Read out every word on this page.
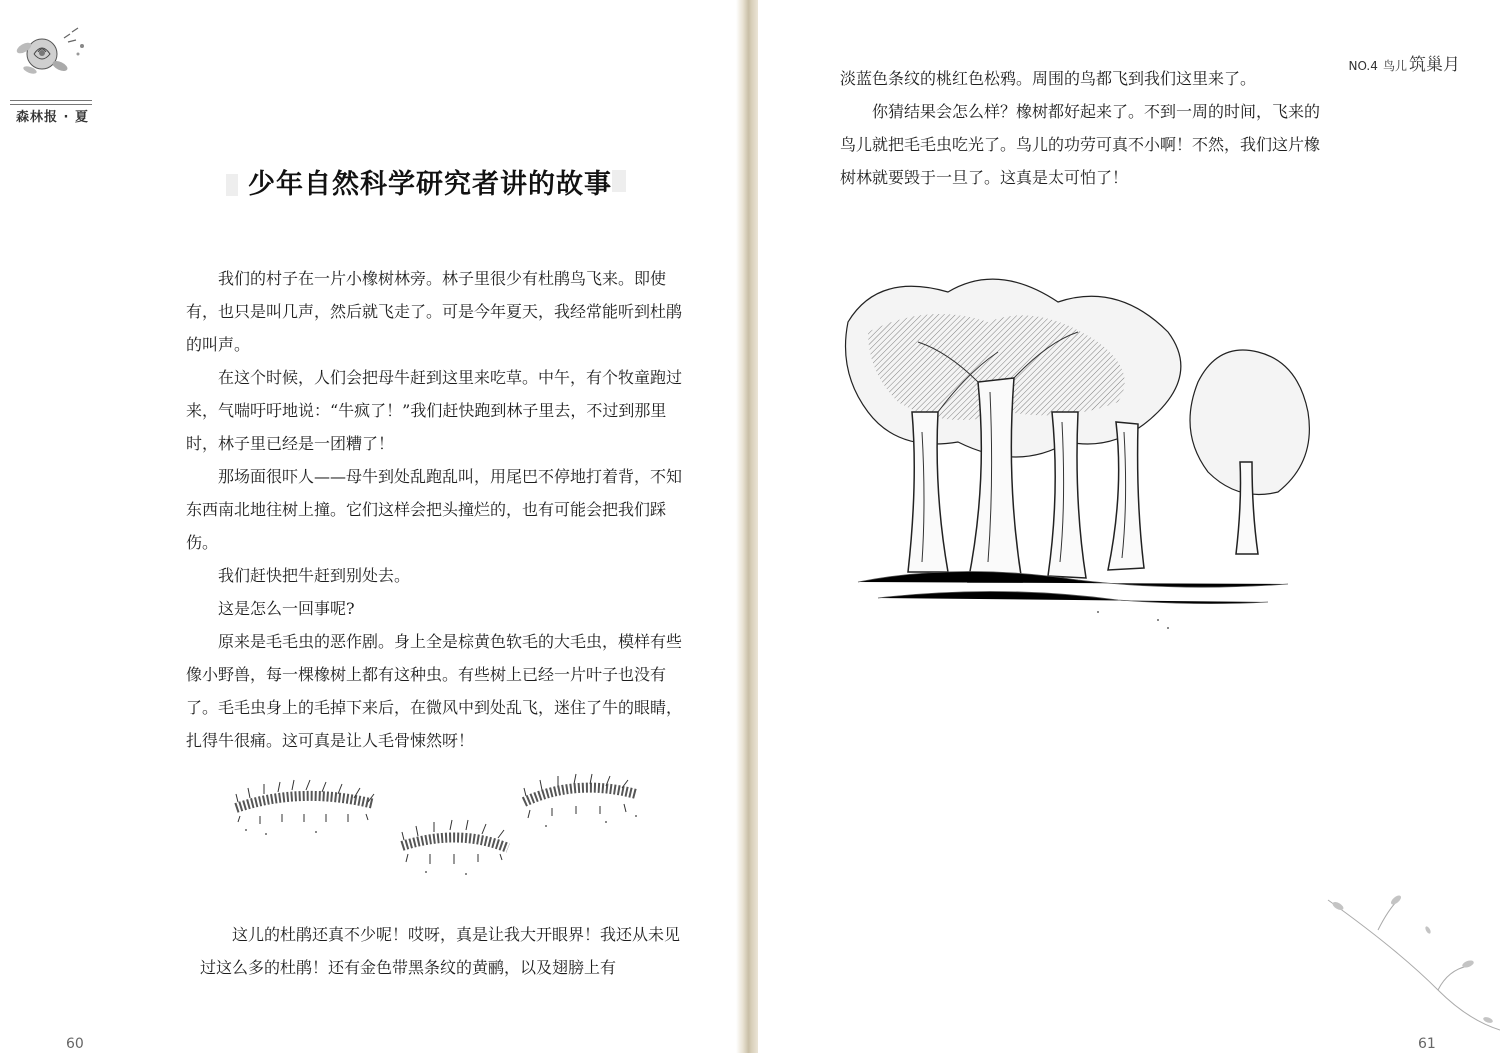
森林报 · 夏
少年自然科学研究者讲的故事

我们的村子在一片小橡树林旁。林子里很少有杜鹃鸟飞来。即使有，也只是叫几声，然后就飞走了。可是今年夏天，我经常能听到杜鹃的叫声。

在这个时候，人们会把母牛赶到这里来吃草。中午，有个牧童跑过来，气喘吁吁地说：“牛疯了！”我们赶快跑到林子里去，不过到那里时，林子里已经是一团糟了！

那场面很吓人——母牛到处乱跑乱叫，用尾巴不停地打着背，不知东西南北地往树上撞。它们这样会把头撞烂的，也有可能会把我们踩伤。

我们赶快把牛赶到别处去。

这是怎么一回事呢?

原来是毛毛虫的恶作剧。身上全是棕黄色软毛的大毛虫，模样有些像小野兽，每一棵橡树上都有这种虫。有些树上已经一片叶子也没有了。毛毛虫身上的毛掉下来后，在微风中到处乱飞，迷住了牛的眼睛，扎得牛很痛。这可真是让人毛骨悚然呀！

这儿的杜鹃还真不少呢！哎呀，真是让我大开眼界！我还从未见过这么多的杜鹃！还有金色带黑条纹的黄鹂，以及翅膀上有

60
NO.4 鸟儿 筑巢月

淡蓝色条纹的桃红色松鸦。周围的鸟都飞到我们这里来了。

你猜结果会怎么样？橡树都好起来了。不到一周的时间，飞来的鸟儿就把毛毛虫吃光了。鸟儿的功劳可真不小啊！不然，我们这片橡树林就要毁于一旦了。这真是太可怕了！

61
